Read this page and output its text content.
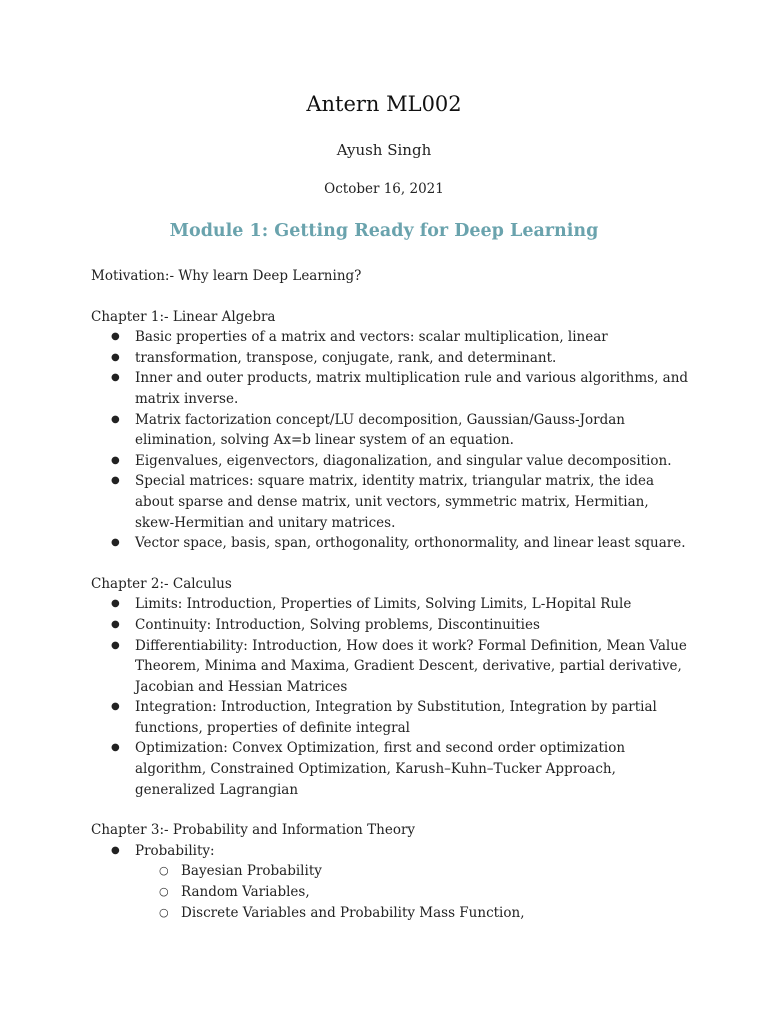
Antern ML002
Ayush Singh
October 16, 2021
Module 1: Getting Ready for Deep Learning

Motivation:- Why learn Deep Learning?

Chapter 1:- Linear Algebra

● Basic properties of a matrix and vectors: scalar multiplication, linear
● transformation, transpose, conjugate, rank, and determinant.
● Inner and outer products, matrix multiplication rule and various algorithms, and matrix inverse.
● Matrix factorization concept/LU decomposition, Gaussian/Gauss-Jordan elimination, solving Ax=b linear system of an equation.
● Eigenvalues, eigenvectors, diagonalization, and singular value decomposition.
● Special matrices: square matrix, identity matrix, triangular matrix, the idea about sparse and dense matrix, unit vectors, symmetric matrix, Hermitian, skew-Hermitian and unitary matrices.
● Vector space, basis, span, orthogonality, orthonormality, and linear least square.

Chapter 2:- Calculus

● Limits: Introduction, Properties of Limits, Solving Limits, L-Hopital Rule
● Continuity: Introduction, Solving problems, Discontinuities
● Differentiability: Introduction, How does it work? Formal Definition, Mean Value Theorem, Minima and Maxima, Gradient Descent, derivative, partial derivative, Jacobian and Hessian Matrices
● Integration: Introduction, Integration by Substitution, Integration by partial functions, properties of definite integral
● Optimization: Convex Optimization, first and second order optimization algorithm, Constrained Optimization, Karush–Kuhn–Tucker Approach, generalized Lagrangian

Chapter 3:- Probability and Information Theory

● Probability:
○ Bayesian Probability
○ Random Variables,
○ Discrete Variables and Probability Mass Function,
